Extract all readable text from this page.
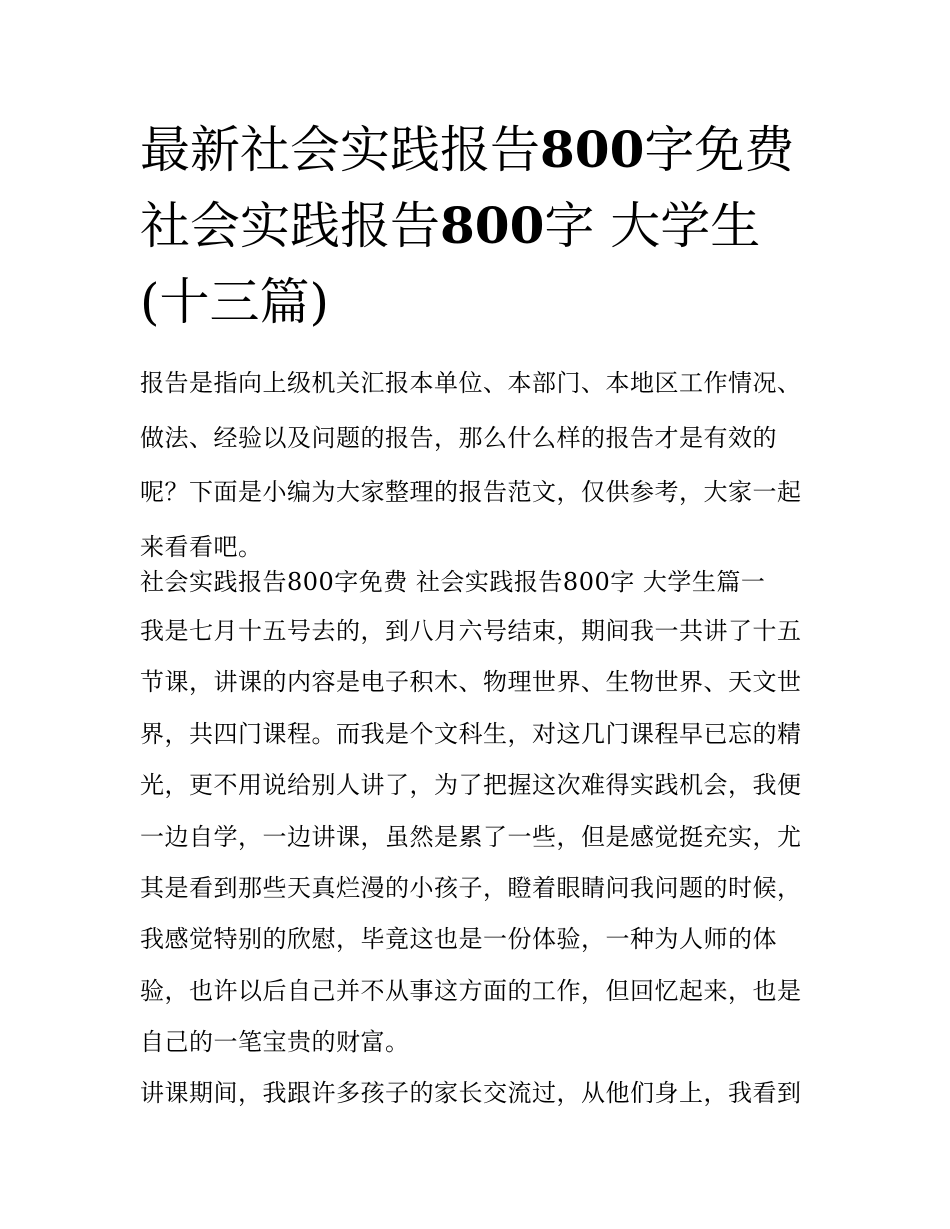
最新社会实践报告800字免费
社会实践报告800字 大学生
(十三篇)

报告是指向上级机关汇报本单位、本部门、本地区工作情况、
做法、经验以及问题的报告，那么什么样的报告才是有效的
呢？下面是小编为大家整理的报告范文，仅供参考，大家一起
来看看吧。

社会实践报告800字免费 社会实践报告800字 大学生篇一

我是七月十五号去的，到八月六号结束，期间我一共讲了十五
节课，讲课的内容是电子积木、物理世界、生物世界、天文世
界，共四门课程。而我是个文科生，对这几门课程早已忘的精
光，更不用说给别人讲了，为了把握这次难得实践机会，我便
一边自学，一边讲课，虽然是累了一些，但是感觉挺充实，尤
其是看到那些天真烂漫的小孩子，瞪着眼睛问我问题的时候，
我感觉特别的欣慰，毕竟这也是一份体验，一种为人师的体
验，也许以后自己并不从事这方面的工作，但回忆起来，也是
自己的一笔宝贵的财富。

讲课期间，我跟许多孩子的家长交流过，从他们身上，我看到
